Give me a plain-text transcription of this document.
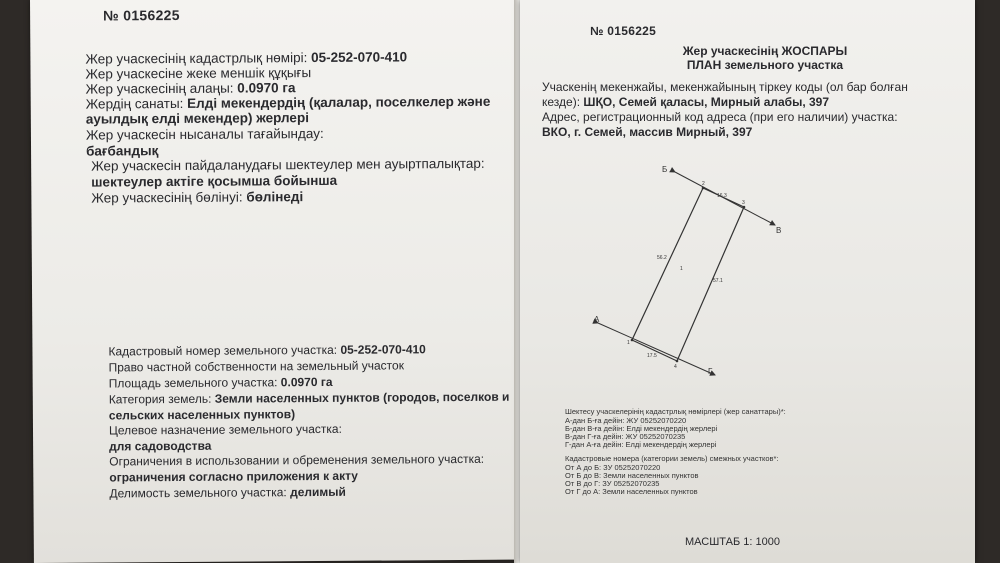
№ 0156225
Жер учаскесінің кадастрлық нөмірі: 05-252-070-410
Жер учаскесіне жеке меншік құқығы
Жер учаскесінің алаңы: 0.0970 га
Жердің санаты: Елді мекендердің (қалалар, поселкелер және
ауылдық елді мекендер) жерлері
Жер учаскесін нысаналы тағайындау:
бағбандық
Жер учаскесін пайдаланудағы шектеулер мен ауыртпалықтар:
шектеулер актіге қосымша бойынша
Жер учаскесінің бөлінуі: бөлінеді
Кадастровый номер земельного участка: 05-252-070-410
Право частной собственности на земельный участок
Площадь земельного участка: 0.0970 га
Категория земель: Земли населенных пунктов (городов, поселков и
сельских населенных пунктов)
Целевое назначение земельного участка:
для садоводства
Ограничения в использовании и обременения земельного участка:
ограничения согласно приложения к акту
Делимость земельного участка: делимый
№ 0156225
Жер учаскесінің ЖОСПАРЫ
ПЛАН земельного участка
Учаскенің мекенжайы, мекенжайының тіркеу коды (ол бар болған
кезде): ШҚО, Семей қаласы, Мирный алабы, 397
Адрес, регистрационный код адреса (при его наличии) участка:
ВКО, г. Семей, массив Мирный, 397
Б
В
А
Г
1
2
3
4
1
16.3
56.2
57.1
17.5
Шектесу учаскелерінің кадастрлық нөмірлері (жер санаттары)*:
А-дан Б-ға дейін: ЖУ 05252070220
Б-дан В-ға дейін: Елді мекендердің жерлері
В-дан Г-ға дейін: ЖУ 05252070235
Г-дан А-ға дейін: Елді мекендердің жерлері
Кадастровые номера (категории земель) смежных участков*:
От А до Б: ЗУ 05252070220
От Б до В: Земли населенных пунктов
От В до Г: ЗУ 05252070235
От Г до А: Земли населенных пунктов
МАСШТАБ 1: 1000
